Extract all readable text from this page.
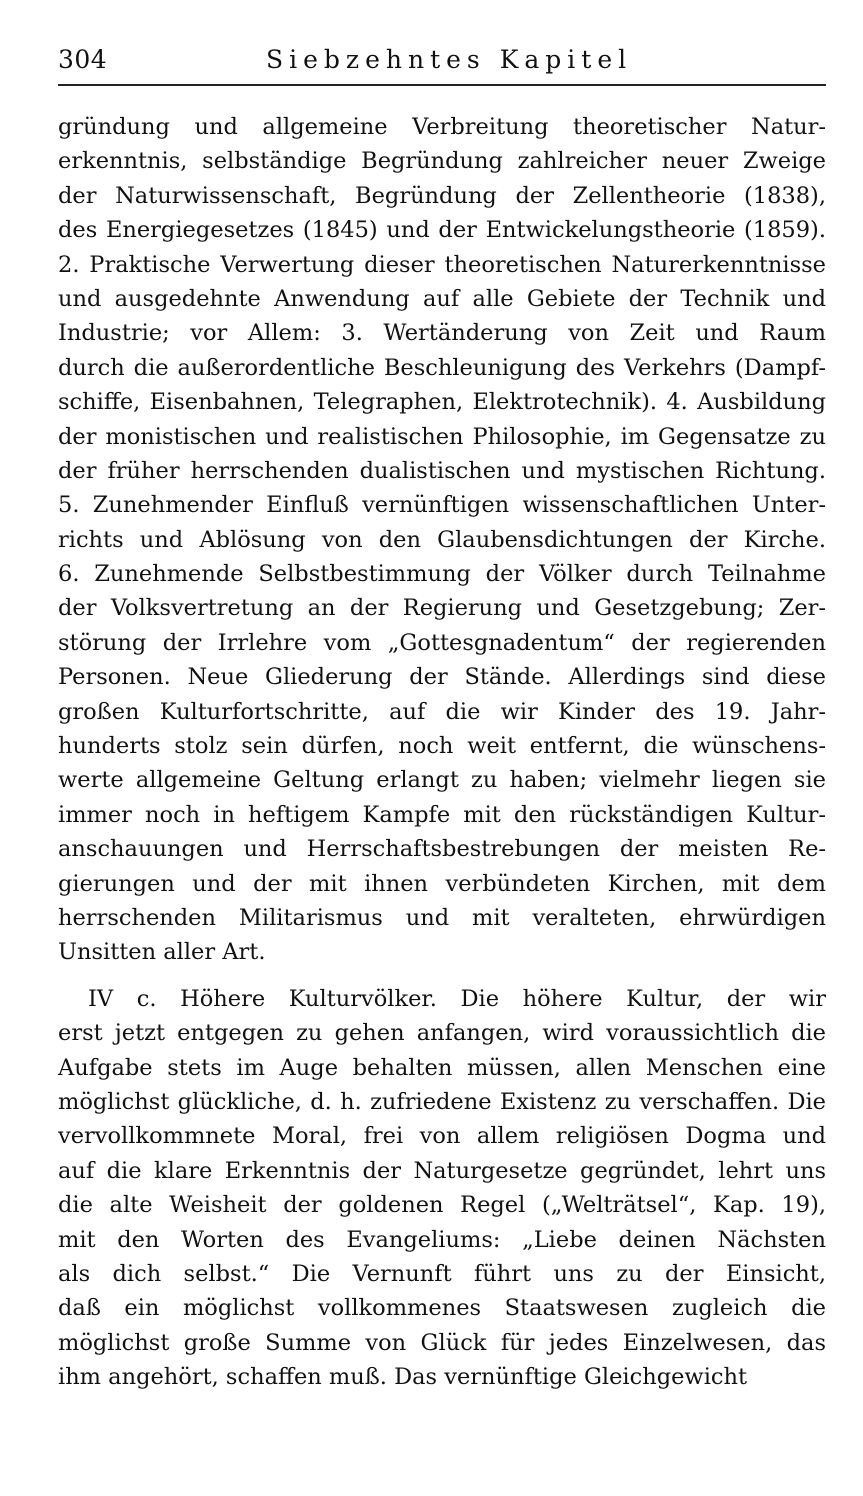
304	Siebzehntes Kapitel
gründung und allgemeine Verbreitung theoretischer Natur-
erkenntnis, selbständige Begründung zahlreicher neuer Zweige
der Naturwissenschaft, Begründung der Zellentheorie (1838),
des Energiegesetzes (1845) und der Entwickelungstheorie (1859).
2. Praktische Verwertung dieser theoretischen Naturerkenntnisse
und ausgedehnte Anwendung auf alle Gebiete der Technik und
Industrie; vor Allem: 3. Wertänderung von Zeit und Raum
durch die außerordentliche Beschleunigung des Verkehrs (Dampf-
schiffe, Eisenbahnen, Telegraphen, Elektrotechnik). 4. Ausbildung
der monistischen und realistischen Philosophie, im Gegensatze zu
der früher herrschenden dualistischen und mystischen Richtung.
5. Zunehmender Einfluß vernünftigen wissenschaftlichen Unter-
richts und Ablösung von den Glaubensdichtungen der Kirche.
6. Zunehmende Selbstbestimmung der Völker durch Teilnahme
der Volksvertretung an der Regierung und Gesetzgebung; Zer-
störung der Irrlehre vom „Gottesgnadentum“ der regierenden
Personen. Neue Gliederung der Stände. Allerdings sind diese
großen Kulturfortschritte, auf die wir Kinder des 19. Jahr-
hunderts stolz sein dürfen, noch weit entfernt, die wünschens-
werte allgemeine Geltung erlangt zu haben; vielmehr liegen sie
immer noch in heftigem Kampfe mit den rückständigen Kultur-
anschauungen und Herrschaftsbestrebungen der meisten Re-
gierungen und der mit ihnen verbündeten Kirchen, mit dem
herrschenden Militarismus und mit veralteten, ehrwürdigen
Unsitten aller Art.
IV c. Höhere Kulturvölker. Die höhere Kultur, der wir
erst jetzt entgegen zu gehen anfangen, wird voraussichtlich die
Aufgabe stets im Auge behalten müssen, allen Menschen eine
möglichst glückliche, d. h. zufriedene Existenz zu verschaffen. Die
vervollkommnete Moral, frei von allem religiösen Dogma und
auf die klare Erkenntnis der Naturgesetze gegründet, lehrt uns
die alte Weisheit der goldenen Regel („Welträtsel“, Kap. 19),
mit den Worten des Evangeliums: „Liebe deinen Nächsten
als dich selbst.“ Die Vernunft führt uns zu der Einsicht,
daß ein möglichst vollkommenes Staatswesen zugleich die
möglichst große Summe von Glück für jedes Einzelwesen, das
ihm angehört, schaffen muß. Das vernünftige Gleichgewicht
